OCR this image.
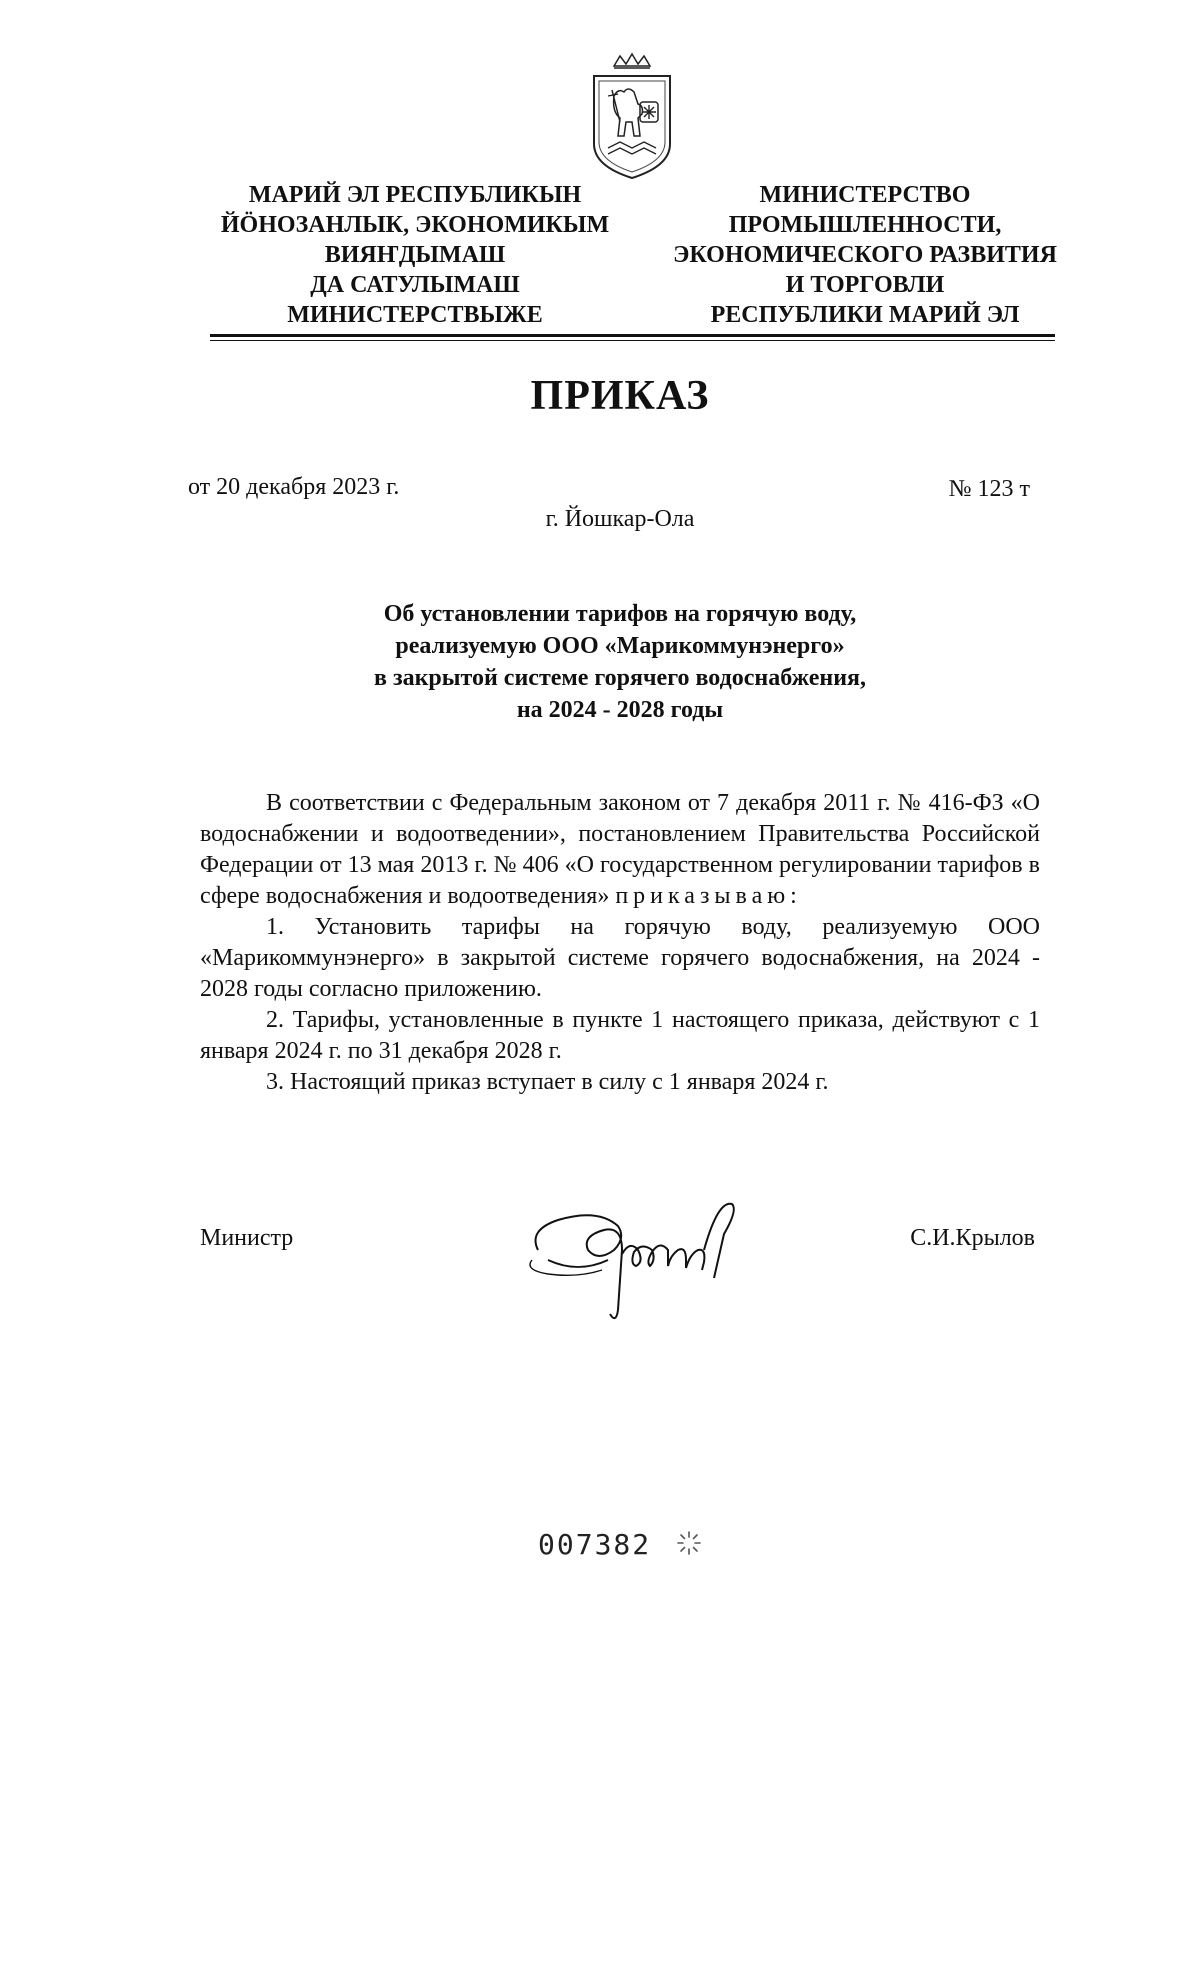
МАРИЙ ЭЛ РЕСПУБЛИКЫН
ЙӦНОЗАНЛЫК, ЭКОНОМИКЫМ
ВИЯҤДЫМАШ
ДА САТУЛЫМАШ
МИНИСТЕРСТВЫЖЕ
МИНИСТЕРСТВО
ПРОМЫШЛЕННОСТИ,
ЭКОНОМИЧЕСКОГО РАЗВИТИЯ
И ТОРГОВЛИ
РЕСПУБЛИКИ МАРИЙ ЭЛ
ПРИКАЗ
от 20 декабря 2023 г.	№ 123 т
г. Йошкар-Ола
Об установлении тарифов на горячую воду,
реализуемую ООО «Марикоммунэнерго»
в закрытой системе горячего водоснабжения,
на 2024 - 2028 годы

В соответствии с Федеральным законом от 7 декабря 2011 г. № 416-ФЗ «О водоснабжении и водоотведении», постановлением Правительства Российской Федерации от 13 мая 2013 г. № 406 «О государственном регулировании тарифов в сфере водоснабжения и водоотведения» приказываю:

1. Установить тарифы на горячую воду, реализуемую ООО «Марикоммунэнерго» в закрытой системе горячего водоснабжения, на 2024 - 2028 годы согласно приложению.

2. Тарифы, установленные в пункте 1 настоящего приказа, действуют с 1 января 2024 г. по 31 декабря 2028 г.

3. Настоящий приказ вступает в силу с 1 января 2024 г.

Министр	С.И.Крылов
007382
